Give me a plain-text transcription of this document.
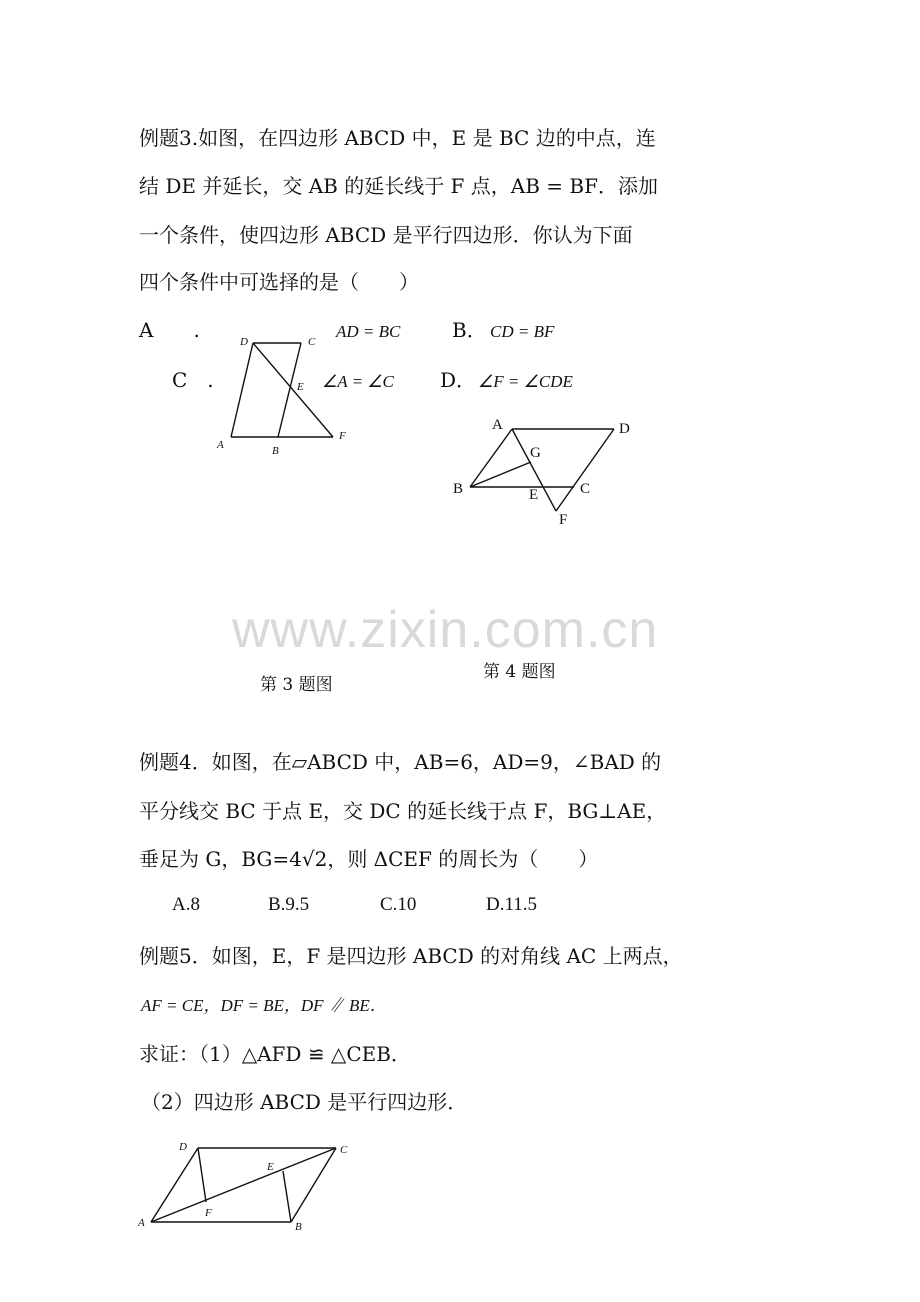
例题3.如图，在四边形 ABCD 中，E 是 BC 边的中点，连
结 DE 并延长，交 AB 的延长线于 F 点，AB = BF．添加
一个条件，使四边形 ABCD 是平行四边形．你认为下面
四个条件中可选择的是（　　）
A　　.	AD = BC	B． CD = BF
C　.	∠A = ∠C D． ∠F = ∠CDE
D	C
E
A	B
F
A	D
G
B	E	C
F
D	C
E
F
A	B
www.zixin.com.cn
第 4 题图
第 3 题图
例题4．如图，在▱ABCD 中，AB=6，AD=9，∠BAD 的
平分线交 BC 于点 E，交 DC 的延长线于点 F，BG⊥AE，
垂足为 G，BG=4√2，则 ΔCEF 的周长为（　　）
A.8	B.9.5	C.10	D.11.5
例题5．如图，E，F 是四边形 ABCD 的对角线 AC 上两点，
AF = CE，DF = BE，DF ∥ BE．
求证：（1）△AFD ≌ △CEB．
（2）四边形 ABCD 是平行四边形．
